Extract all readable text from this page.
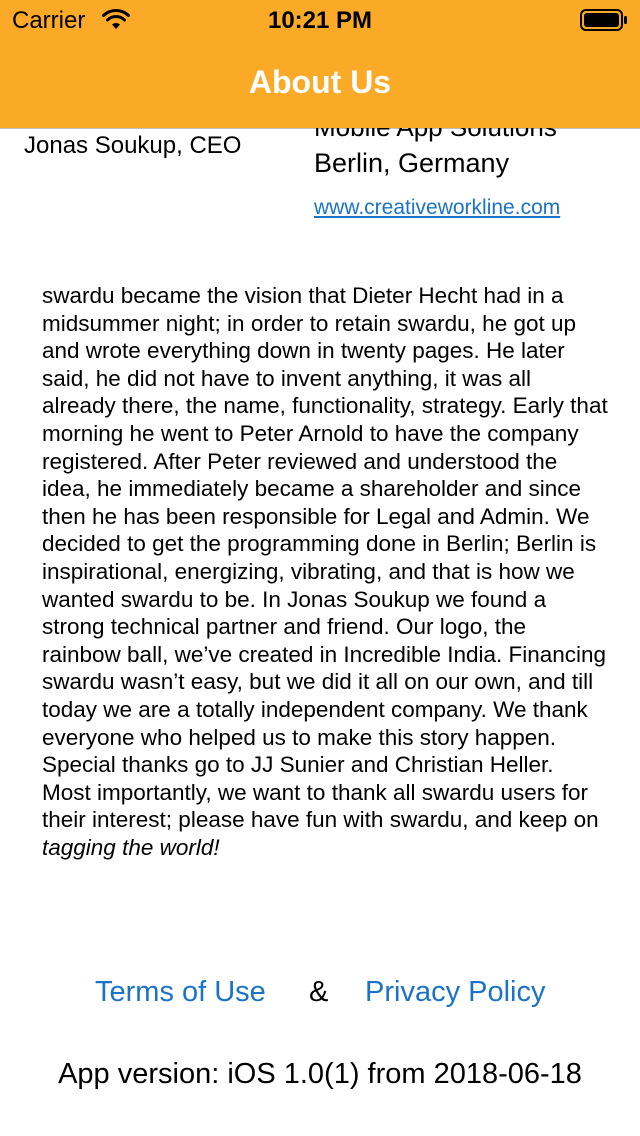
Carrier	10:21 PM
About Us
Jonas Soukup, CEO
Berlin, Germany
www.creativeworkline.com
swardu became the vision that Dieter Hecht had in a midsummer night; in order to retain swardu, he got up and wrote everything down in twenty pages. He later said, he did not have to invent anything, it was all already there, the name, functionality, strategy. Early that morning he went to Peter Arnold to have the company registered. After Peter reviewed and understood the idea, he immediately became a shareholder and since then he has been responsible for Legal and Admin. We decided to get the programming done in Berlin; Berlin is inspirational, energizing, vibrating, and that is how we wanted swardu to be. In Jonas Soukup we found a strong technical partner and friend. Our logo, the rainbow ball, we’ve created in Incredible India. Financing swardu wasn’t easy, but we did it all on our own, and till today we are a totally independent company. We thank everyone who helped us to make this story happen. Special thanks go to JJ Sunier and Christian Heller. Most importantly, we want to thank all swardu users for their interest; please have fun with swardu, and keep on tagging the world!
Terms of Use & Privacy Policy
App version: iOS 1.0(1) from 2018-06-18
